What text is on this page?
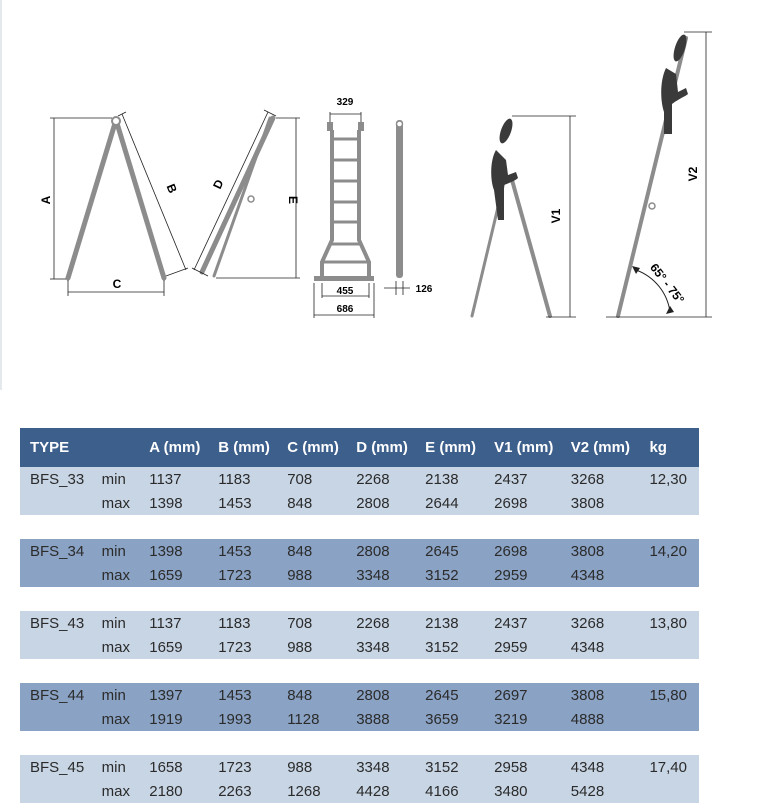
A
B
C
D
E
329
455
686
126
V1
V2
65° - 75°
TYPE		A (mm)	B (mm)	C (mm)	D (mm)	E (mm)	V1 (mm)	V2 (mm)	kg
BFS_33	min	1137	1183	708	2268	2138	2437	3268	12,30
	max	1398	1453	848	2808	2644	2698	3808	

BFS_34	min	1398	1453	848	2808	2645	2698	3808	14,20
	max	1659	1723	988	3348	3152	2959	4348	

BFS_43	min	1137	1183	708	2268	2138	2437	3268	13,80
	max	1659	1723	988	3348	3152	2959	4348	

BFS_44	min	1397	1453	848	2808	2645	2697	3808	15,80
	max	1919	1993	1128	3888	3659	3219	4888	

BFS_45	min	1658	1723	988	3348	3152	2958	4348	17,40
	max	2180	2263	1268	4428	4166	3480	5428	
